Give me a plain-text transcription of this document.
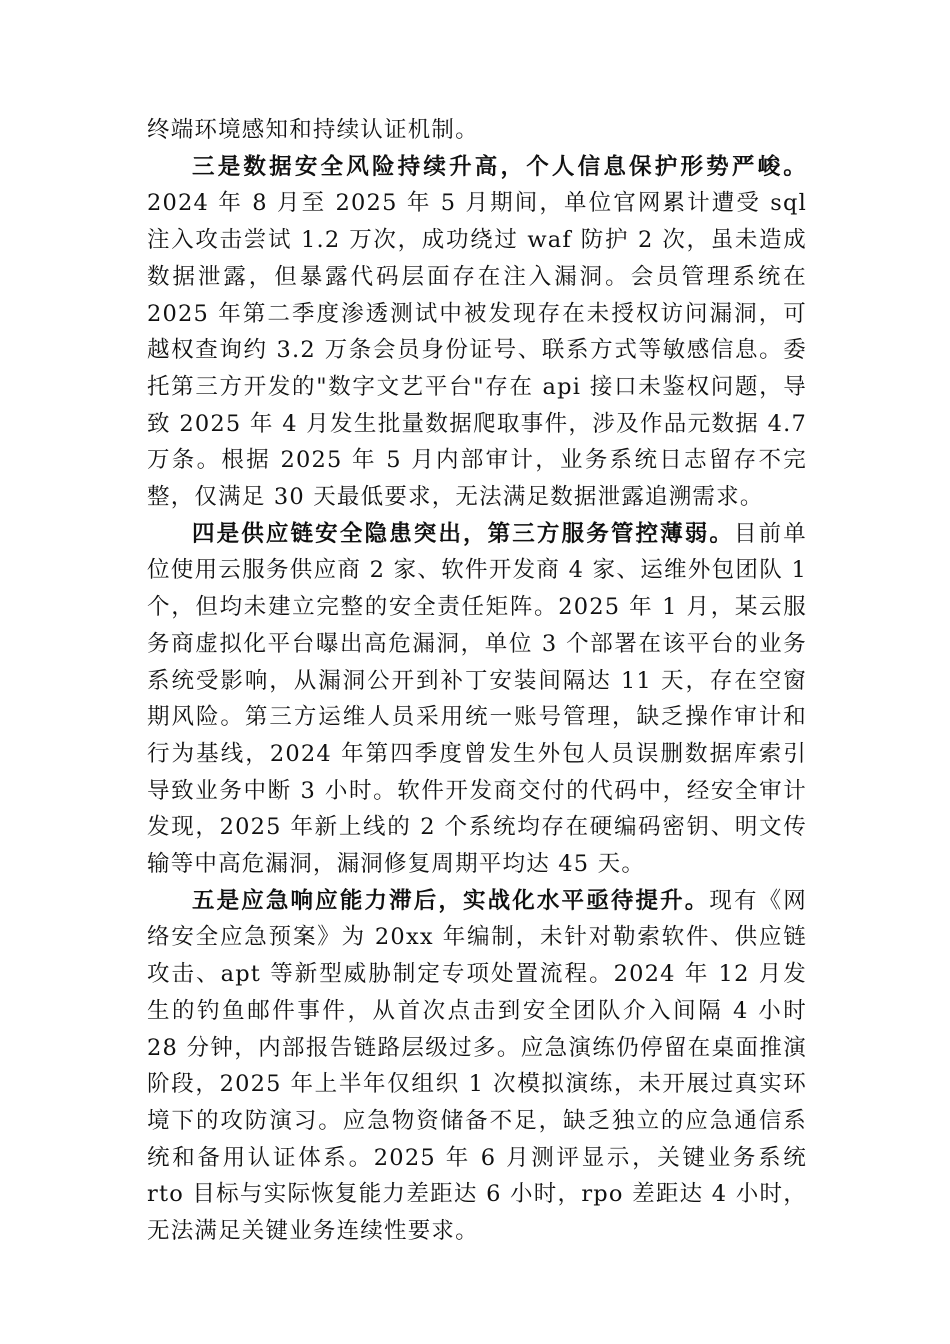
终端环境感知和持续认证机制。

三是数据安全风险持续升高，个人信息保护形势严峻。2024 年 8 月至 2025 年 5 月期间，单位官网累计遭受 sql 注入攻击尝试 1.2 万次，成功绕过 waf 防护 2 次，虽未造成数据泄露，但暴露代码层面存在注入漏洞。会员管理系统在 2025 年第二季度渗透测试中被发现存在未授权访问漏洞，可越权查询约 3.2 万条会员身份证号、联系方式等敏感信息。委托第三方开发的"数字文艺平台"存在 api 接口未鉴权问题，导致 2025 年 4 月发生批量数据爬取事件，涉及作品元数据 4.7 万条。根据 2025 年 5 月内部审计，业务系统日志留存不完整，仅满足 30 天最低要求，无法满足数据泄露追溯需求。

四是供应链安全隐患突出，第三方服务管控薄弱。目前单位使用云服务供应商 2 家、软件开发商 4 家、运维外包团队 1 个，但均未建立完整的安全责任矩阵。2025 年 1 月，某云服务商虚拟化平台曝出高危漏洞，单位 3 个部署在该平台的业务系统受影响，从漏洞公开到补丁安装间隔达 11 天，存在空窗期风险。第三方运维人员采用统一账号管理，缺乏操作审计和行为基线，2024 年第四季度曾发生外包人员误删数据库索引导致业务中断 3 小时。软件开发商交付的代码中，经安全审计发现，2025 年新上线的 2 个系统均存在硬编码密钥、明文传输等中高危漏洞，漏洞修复周期平均达 45 天。

五是应急响应能力滞后，实战化水平亟待提升。现有《网络安全应急预案》为 20xx 年编制，未针对勒索软件、供应链攻击、apt 等新型威胁制定专项处置流程。2024 年 12 月发生的钓鱼邮件事件，从首次点击到安全团队介入间隔 4 小时 28 分钟，内部报告链路层级过多。应急演练仍停留在桌面推演阶段，2025 年上半年仅组织 1 次模拟演练，未开展过真实环境下的攻防演习。应急物资储备不足，缺乏独立的应急通信系统和备用认证体系。2025 年 6 月测评显示，关键业务系统 rto 目标与实际恢复能力差距达 6 小时，rpo 差距达 4 小时，无法满足关键业务连续性要求。
